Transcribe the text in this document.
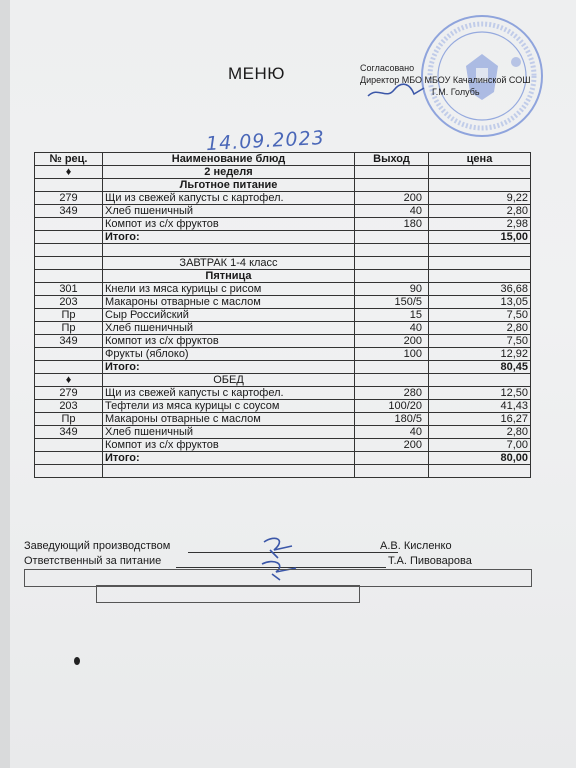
МЕНЮ	Согласовано
Директор МБО МБОУ Качалинской СОШ
Г.М. Голубь
14.09.2023
№ рец.	Наименование блюд	Выход	цена
♦	2 неделя		
	Льготное питание		
279	Щи из свежей капусты с картофел.	200	9,22
349	Хлеб пшеничный	40	2,80
	Компот из с/х фруктов	180	2,98
	Итого:		15,00

	ЗАВТРАК 1-4 класс		
	Пятница		
301	Кнели из мяса курицы с рисом	90	36,68
203	Макароны отварные с маслом	150/5	13,05
Пр	Сыр Российский	15	7,50
Пр	Хлеб пшеничный	40	2,80
349	Компот из с/х фруктов	200	7,50
	Фрукты (яблоко)	100	12,92
	Итого:		80,45
♦	ОБЕД		
279	Щи из свежей капусты с картофел.	280	12,50
203	Тефтели из мяса курицы с соусом	100/20	41,43
Пр	Макароны отварные с маслом	180/5	16,27
349	Хлеб пшеничный	40	2,80
	Компот из с/х фруктов	200	7,00
	Итого:		80,00

Заведующий производством	А.В. Кисленко
Ответственный за питание	Т.А. Пивоварова
